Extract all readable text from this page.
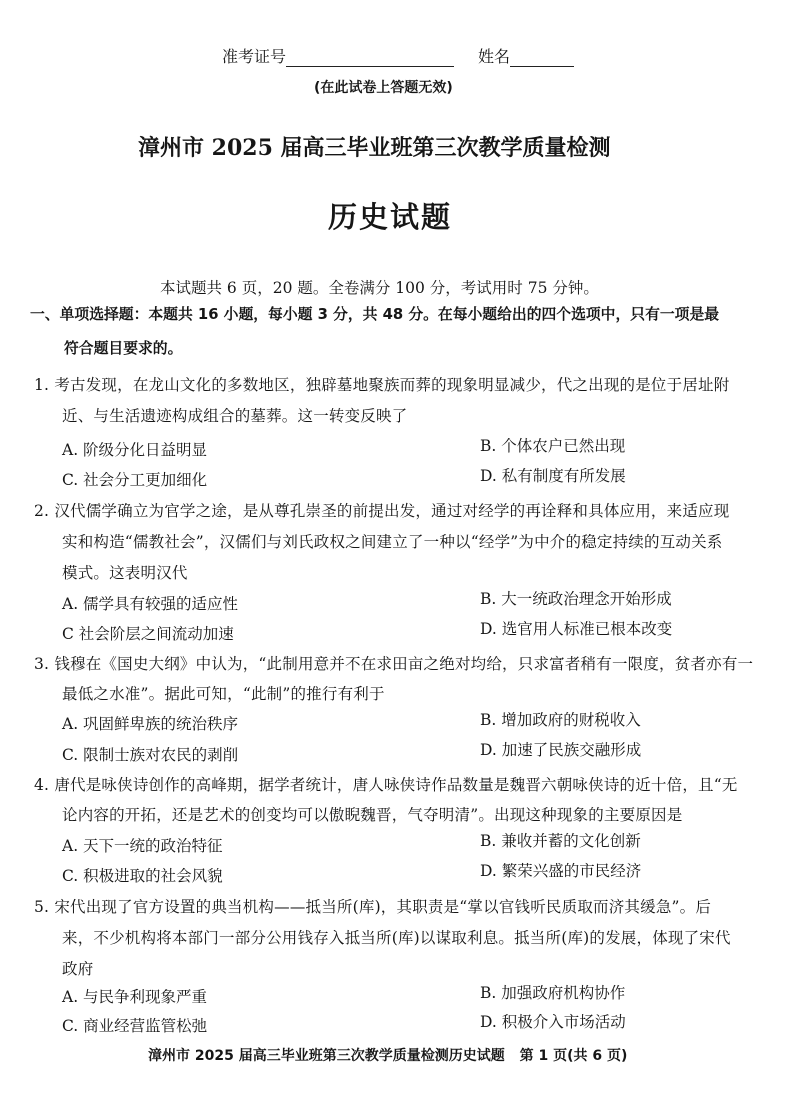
准考证号	姓名
(在此试卷上答题无效)
漳州市 2025 届高三毕业班第三次教学质量检测
历史试题
本试题共 6 页，20 题。全卷满分 100 分，考试用时 75 分钟。
一、单项选择题：本题共 16 小题，每小题 3 分，共 48 分。在每小题给出的四个选项中，只有一项是最
符合题目要求的。
1. 考古发现，在龙山文化的多数地区，独辟墓地聚族而葬的现象明显减少，代之出现的是位于居址附
近、与生活遗迹构成组合的墓葬。这一转变反映了
A. 阶级分化日益明显	B. 个体农户已然出现
C. 社会分工更加细化	D. 私有制度有所发展
2. 汉代儒学确立为官学之途，是从尊孔崇圣的前提出发，通过对经学的再诠释和具体应用，来适应现
实和构造“儒教社会”，汉儒们与刘氏政权之间建立了一种以“经学”为中介的稳定持续的互动关系
模式。这表明汉代
A. 儒学具有较强的适应性	B. 大一统政治理念开始形成
C 社会阶层之间流动加速	D. 选官用人标准已根本改变
3. 钱穆在《国史大纲》中认为，“此制用意并不在求田亩之绝对均给，只求富者稍有一限度，贫者亦有一
最低之水准”。据此可知，“此制”的推行有利于
A. 巩固鲜卑族的统治秩序	B. 增加政府的财税收入
C. 限制士族对农民的剥削	D. 加速了民族交融形成
4. 唐代是咏侠诗创作的高峰期，据学者统计，唐人咏侠诗作品数量是魏晋六朝咏侠诗的近十倍，且“无
论内容的开拓，还是艺术的创变均可以傲睨魏晋，气夺明清”。出现这种现象的主要原因是
A. 天下一统的政治特征	B. 兼收并蓄的文化创新
C. 积极进取的社会风貌	D. 繁荣兴盛的市民经济
5. 宋代出现了官方设置的典当机构——抵当所(库)，其职责是“掌以官钱听民质取而济其缓急”。后
来，不少机构将本部门一部分公用钱存入抵当所(库)以谋取利息。抵当所(库)的发展，体现了宋代
政府
A. 与民争利现象严重	B. 加强政府机构协作
C. 商业经营监管松弛	D. 积极介入市场活动
漳州市 2025 届高三毕业班第三次教学质量检测历史试题 第 1 页(共 6 页)
